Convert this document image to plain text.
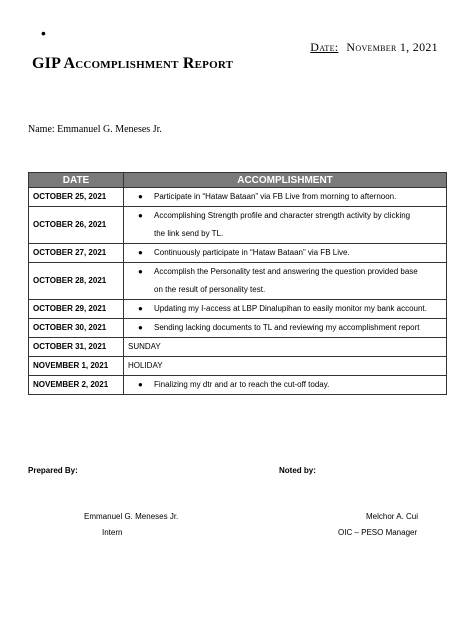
•
Date: November 1, 2021
GIP Accomplishment Report
Name: Emmanuel G. Meneses Jr.
DATE	ACCOMPLISHMENT
OCTOBER 25, 2021	● Participate in “Hataw Bataan” via FB Live from morning to afternoon.
OCTOBER 26, 2021	● Accomplishing Strength profile and character strength activity by clicking
the link send by TL.

OCTOBER 27, 2021	● Continuously participate in “Hataw Bataan” via FB Live.
OCTOBER 28, 2021	● Accomplish the Personality test and answering the question provided base
on the result of personality test.

OCTOBER 29, 2021	● Updating my I-access at LBP Dinalupihan to easily monitor my bank account.
OCTOBER 30, 2021	● Sending lacking documents to TL and reviewing my accomplishment report
OCTOBER 31, 2021	SUNDAY
NOVEMBER 1, 2021	HOLIDAY
NOVEMBER 2, 2021	● Finalizing my dtr and ar to reach the cut-off today.
Prepared By:	Noted by:
Emmanuel G. Meneses Jr.
Intern
Melchor A. Cui
OIC – PESO Manager
